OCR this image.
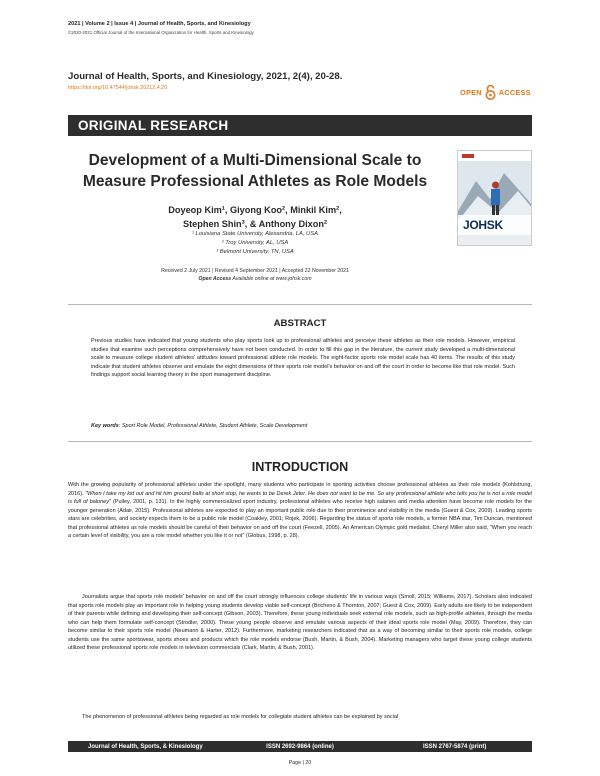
2021 | Volume 2 | Issue 4 | Journal of Health, Sports, and Kinesiology
©2020-2021 Official Journal of the International Organization for Health, Sports and Kinesiology
Journal of Health, Sports, and Kinesiology, 2021, 2(4), 20-28.
https://doi.org/10.47544/johsk.20212.4.20	OPEN ACCESS
ORIGINAL RESEARCH
Development of a Multi-Dimensional Scale to Measure Professional Athletes as Role Models
JOHSK
Doyeop Kim¹, Giyong Koo², Minkil Kim²,
Stephen Shin³, & Anthony Dixon²
¹ Louisiana State University, Alexandria, LA, USA
² Troy University, AL, USA
³ Belmont University, TN, USA
Received 2 July 2021 | Revised 4 September 2021 | Accepted 22 November 2021
Open Access Available online at www.johsk.com
ABSTRACT
Previous studies have indicated that young students who play sports look up to professional athletes and perceive these athletes as their role models. However, empirical studies that examine such perceptions comprehensively have not been conducted. In order to fill this gap in the literature, the current study developed a multi-dimensional scale to measure college student athletes' attitudes toward professional athlete role models. The eight-factor sports role model scale has 40 items. The results of this study indicate that student athletes observe and emulate the eight dimensions of their sports role model's behavior on and off the court in order to become like that role model. Such findings support social learning theory in the sport management discipline.
Key words: Sport Role Model, Professional Athlete, Student Athlete, Scale Development
INTRODUCTION
With the growing popularity of professional athletes under the spotlight, many students who participate in sporting activities choose professional athletes as their role models (Kohlstrung, 2016). "When I take my kid out and hit him ground balls at short stop, he wants to be Derek Jeter. He does not want to be me. So any professional athlete who tells you he is not a role model is full of baloney" (Pulley, 2001, p. 131). In the highly commercialized sport industry, professional athletes who receive high salaries and media attention have become role models for the younger generation (Adair, 2015). Professional athletes are expected to play an important public role due to their prominence and visibility in the media (Guest & Cox, 2009). Leading sports stars are celebrities, and society expects them to be a public role model (Coakley, 2001; Rojek, 2006). Regarding the status of sports role models, a former NBA star, Tim Duncan, mentioned that professional athletes as role models should be careful of their behavior on and off the court (Feezell, 2005). An American Olympic gold medalist, Cheryl Miller also said, "When you reach a certain level of visibility, you are a role model whether you like it or not" (Globus, 1998, p. 28).
Journalists argue that sports role models' behavior on and off the court strongly influences college students' life in various ways (Smoll, 2015; Williams, 2017). Scholars also indicated that sports role models play an important role in helping young students develop viable self-concept (Bricheno & Thornton, 2007; Guest & Cox, 2009). Early adults are likely to be independent of their parents while defining and developing their self-concept (Gibson, 2003). Therefore, these young individuals seek external role models, such as high-profile athletes, through the media who can help them formulate self-concept (Strodler, 2000). These young people observe and emulate various aspects of their ideal sports role model (May, 2009). Therefore, they can become similar to their sports role model (Neumann & Harter, 2012). Furthermore, marketing researchers indicated that as a way of becoming similar to their sports role models, college students use the same sportswear, sports shoes and products which the role models endorse (Bush, Martin, & Bush, 2004). Marketing managers who target these young college students utilized these professional sports role models in television commercials (Clark, Martin, & Bush, 2001).
The phenomenon of professional athletes being regarded as role models for collegiate student athletes can be explained by social
Journal of Health, Sports, & Kinesiology	ISSN 2692-9864 (online)	ISSN 2767-5874 (print)
Page | 20
